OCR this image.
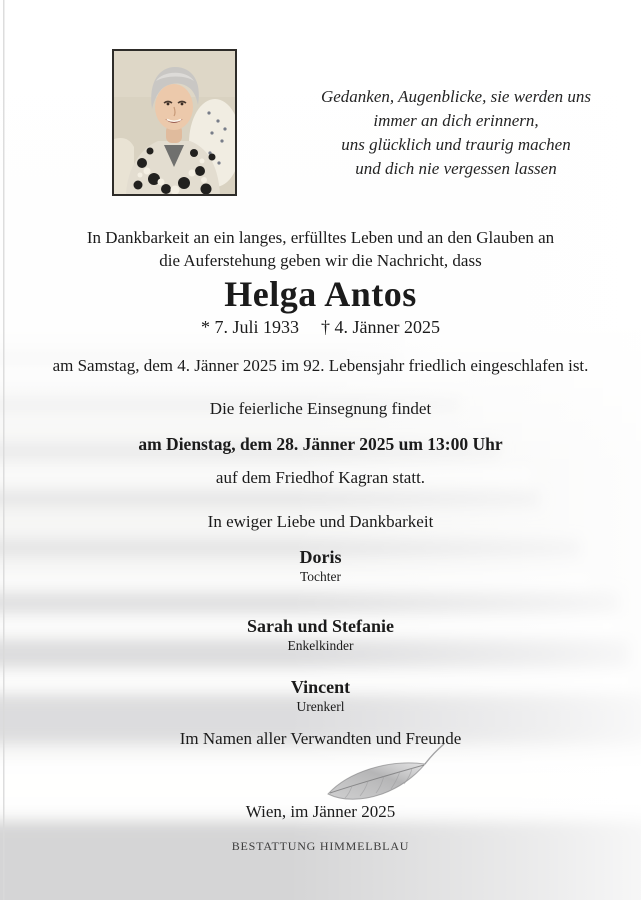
Gedanken, Augenblicke, sie werden uns
immer an dich erinnern,
uns glücklich und traurig machen
und dich nie vergessen lassen
In Dankbarkeit an ein langes, erfülltes Leben und an den Glauben an
die Auferstehung geben wir die Nachricht, dass
Helga Antos
* 7. Juli 1933 † 4. Jänner 2025
am Samstag, dem 4. Jänner 2025 im 92. Lebensjahr friedlich eingeschlafen ist.
Die feierliche Einsegnung findet
am Dienstag, dem 28. Jänner 2025 um 13:00 Uhr
auf dem Friedhof Kagran statt.
In ewiger Liebe und Dankbarkeit
Doris
Tochter
Sarah und Stefanie
Enkelkinder
Vincent
Urenkerl
Im Namen aller Verwandten und Freunde
Wien, im Jänner 2025
BESTATTUNG HIMMELBLAU
